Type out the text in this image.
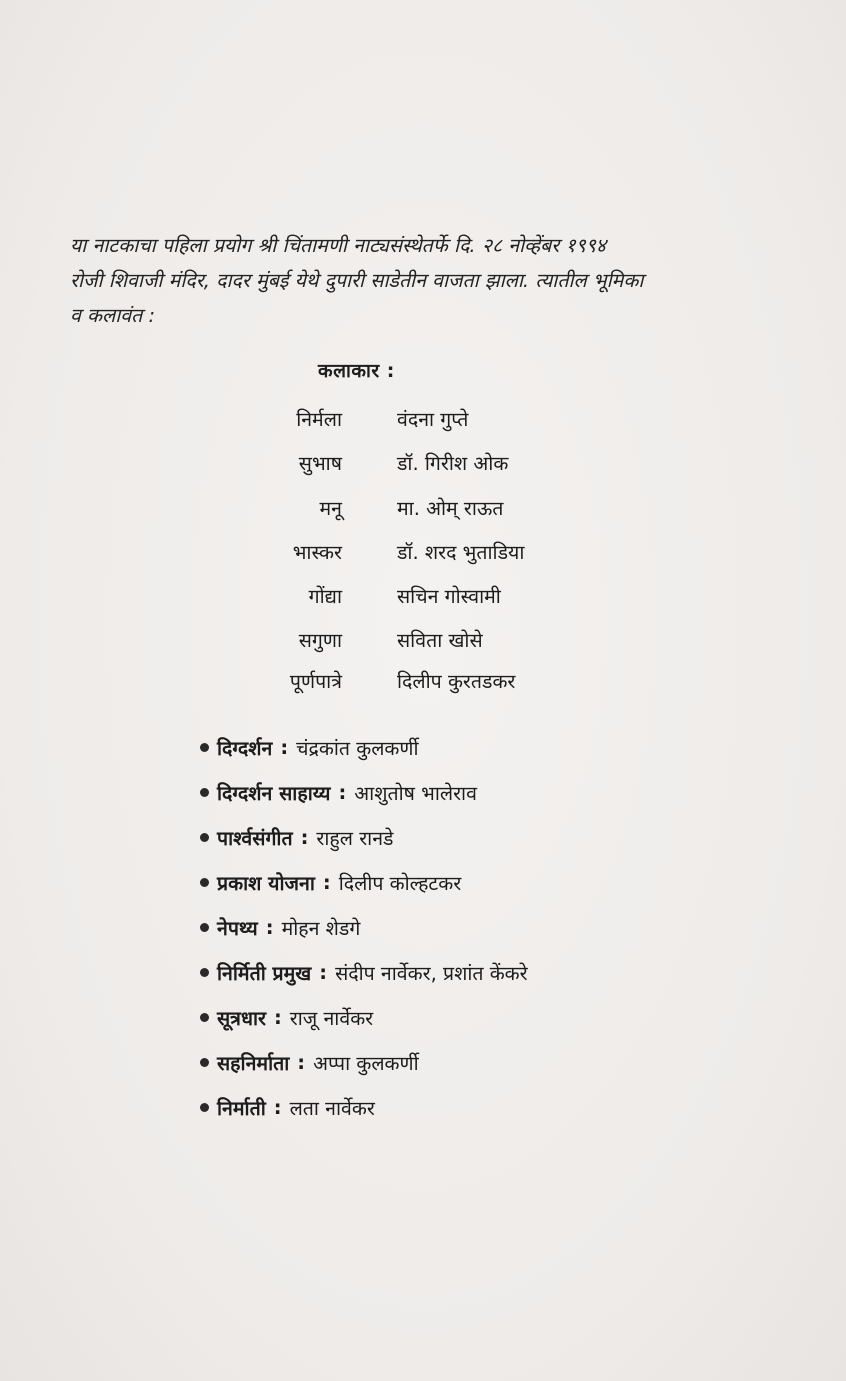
या नाटकाचा पहिला प्रयोग श्री चिंतामणी नाट्यसंस्थेतर्फे दि. २८ नोव्हेंबर १९९४
रोजी शिवाजी मंदिर, दादर मुंबई येथे दुपारी साडेतीन वाजता झाला. त्यातील भूमिका
व कलावंत :
कलाकार :
निर्मला	वंदना गुप्ते
सुभाष	डॉ. गिरीश ओक
मनू	मा. ओम् राऊत
भास्कर	डॉ. शरद भुताडिया
गोंद्या	सचिन गोस्वामी
सगुणा	सविता खोसे
पूर्णपात्रे	दिलीप कुरतडकर
दिग्दर्शन : चंद्रकांत कुलकर्णी
दिग्दर्शन साहाय्य : आशुतोष भालेराव
पार्श्वसंगीत : राहुल रानडे
प्रकाश योजना : दिलीप कोल्हटकर
नेपथ्य : मोहन शेडगे
निर्मिती प्रमुख : संदीप नार्वेकर, प्रशांत केंकरे
सूत्रधार : राजू नार्वेकर
सहनिर्माता : अप्पा कुलकर्णी
निर्माती : लता नार्वेकर
